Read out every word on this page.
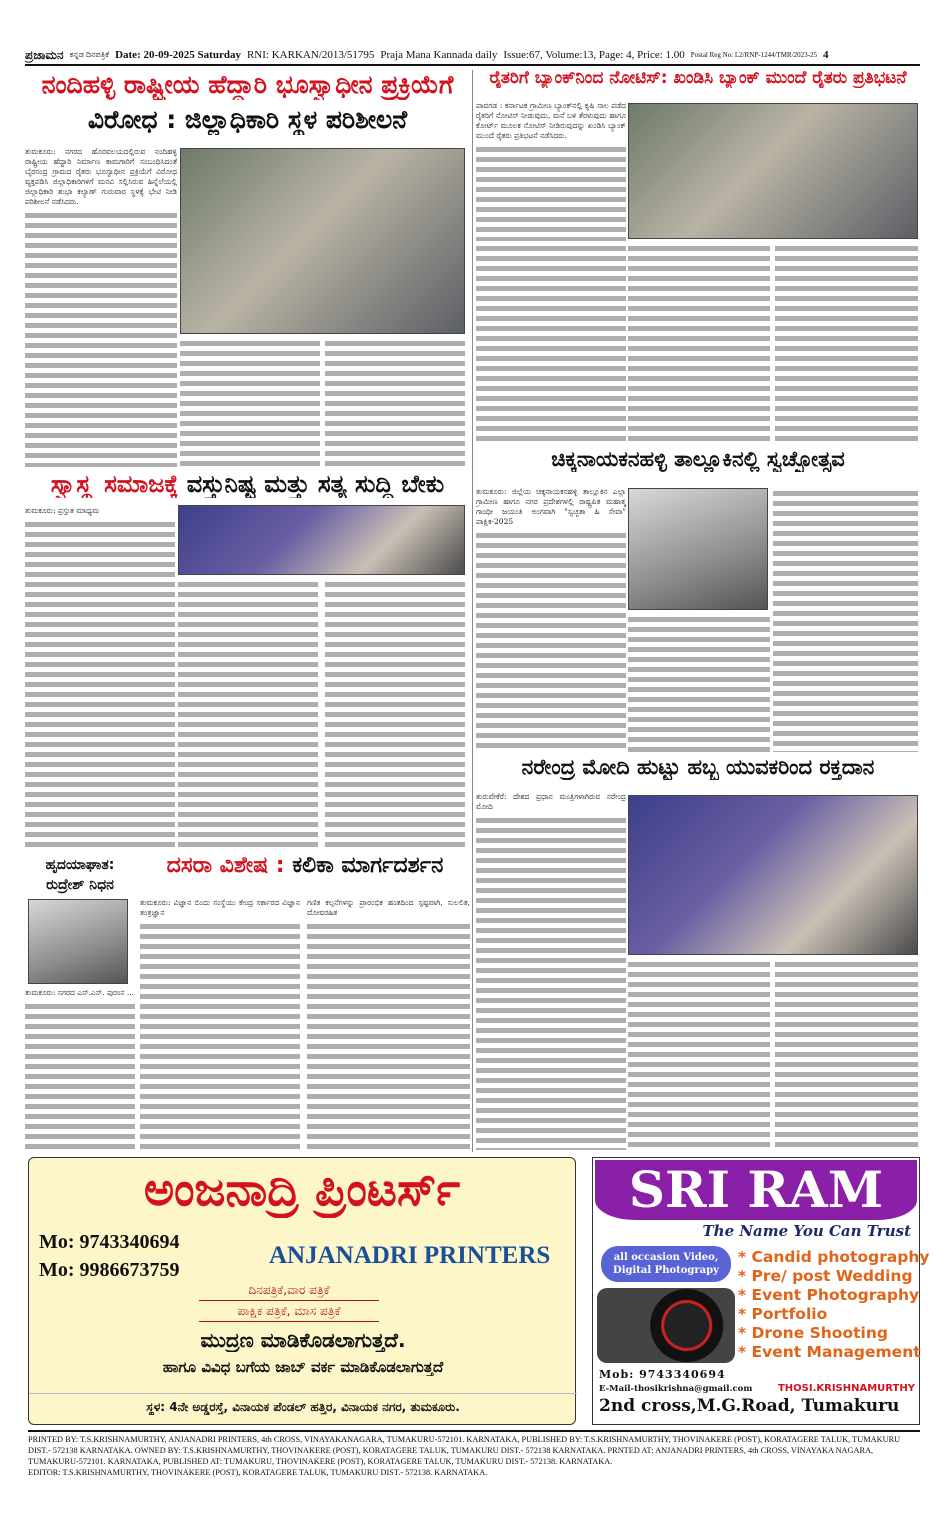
ಪ್ರಜಾಮನ ಕನ್ನಡ ದಿನಪತ್ರಿಕೆ Date: 20-09-2025 Saturday RNI: KARKAN/2013/51795 Praja Mana Kannada daily Issue:67, Volume:13, Page: 4, Price: 1.00 Postal Reg No: L2/RNP-1244/TMR/2023-25 4
ನಂದಿಹಳ್ಳಿ ರಾಷ್ಟ್ರೀಯ ಹೆದ್ದಾರಿ ಭೂಸ್ವಾಧೀನ ಪ್ರಕ್ರಿಯೆಗೆ
ವಿರೋಧ : ಜಿಲ್ಲಾಧಿಕಾರಿ ಸ್ಥಳ ಪರಿಶೀಲನೆ

ತುಮಕೂರು: ನಗರದ ಹೊರವಲಯದಲ್ಲಿರುವ ನಂದಿಹಳ್ಳಿ ರಾಷ್ಟ್ರೀಯ ಹೆದ್ದಾರಿ ನಿರ್ಮಾಣ ಕಾಮಗಾರಿಗೆ ಸಂಬಂಧಿಸಿದಂತೆ ಬೈರಸಂದ್ರ ಗ್ರಾಮದ ರೈತರು ಭೂಸ್ವಾಧೀನ ಪ್ರಕ್ರಿಯೆಗೆ ವಿರೋಧ ವ್ಯಕ್ತಪಡಿಸಿ ಜಿಲ್ಲಾಧಿಕಾರಿಗಳಿಗೆ ಮನವಿ ಸಲ್ಲಿಸಿರುವ ಹಿನ್ನೆಲೆಯಲ್ಲಿ ಜಿಲ್ಲಾಧಿಕಾರಿ ಶುಭಾ ಕಲ್ಯಾಣ್ ಗುರುವಾರ ಸ್ಥಳಕ್ಕೆ ಭೇಟಿ ನೀಡಿ ಪರಿಶೀಲನೆ ನಡೆಸಿದರು.

ಸ್ವಾಸ್ಥ್ಯ ಸಮಾಜಕ್ಕೆ ವಸ್ತುನಿಷ್ಟ ಮತ್ತು ಸತ್ಯ ಸುದ್ದಿ ಬೇಕು

ತುಮಕೂರು: ಪ್ರಸ್ತುತ ಮಾಧ್ಯಮ

ಹೃದಯಾಘಾತ: ರುದ್ರೇಶ್ ನಿಧನ

ತುಮಕೂರು: ನಗರದ ಎಸ್.ಎಸ್. ಪುರಂನ ...

ದಸರಾ ವಿಶೇಷ : ಕಲಿಕಾ ಮಾರ್ಗದರ್ಶನ

ತುಮಕೂರು: ವಿಜ್ಞಾನ ಬಿಂದು ಸಂಸ್ಥೆಯು ಕೇಂದ್ರ ಸರ್ಕಾರದ ವಿಜ್ಞಾನ ತಂತ್ರಜ್ಞಾನ

ಗಣಿತ ಕಲ್ಪನೆಗಳನ್ನು ಪ್ರಾರಂಭಿಕ ಹಂತದಿಂದ ಸ್ಪಷ್ಟವಾಗಿ, ಸುಲಲಿತ, ದೋಷರಹಿತ

ರೈತರಿಗೆ ಬ್ಯಾಂಕ್‌ನಿಂದ ನೋಟಿಸ್: ಖಂಡಿಸಿ ಬ್ಯಾಂಕ್ ಮುಂದೆ ರೈತರು ಪ್ರತಿಭಟನೆ

ಪಾವಗಡ : ಕರ್ನಾಟಕ ಗ್ರಾಮೀಣ ಬ್ಯಾಂಕ್‌ನಲ್ಲಿ ಕೃಷಿ ಸಾಲ ಪಡೆದ ರೈತರಿಗೆ ನೋಟಿಸ್ ನೀಡುವುದು, ಮನೆ ಬಳಿ ತೆರಳುವುದು ಹಾಗೂ ಕೋರ್ಟ್ ಮೂಲಕ ನೋಟಿಸ್ ನೀಡಿರುವುದನ್ನು ಖಂಡಿಸಿ ಬ್ಯಾಂಕ್ ಮುಂದೆ ರೈತರು ಪ್ರತಿಭಟನೆ ನಡೆಸಿದರು.

ಚಿಕ್ಕನಾಯಕನಹಳ್ಳಿ ತಾಲ್ಲೂಕಿನಲ್ಲಿ ಸ್ವಚ್ಛೋತ್ಸವ

ತುಮಕೂರು: ಜಿಲ್ಲೆಯ ಚಿಕ್ಕನಾಯಕನಹಳ್ಳಿ ತಾಲ್ಲೂಕಿನ ಎಲ್ಲಾ ಗ್ರಾಮೀಣ ಹಾಗೂ ನಗರ ಪ್ರದೇಶಗಳಲ್ಲಿ ರಾಷ್ಟ್ರಪಿತ ಮಹಾತ್ಮ ಗಾಂಧೀ ಜಯಂತಿ ಅಂಗವಾಗಿ "ಸ್ವಚ್ಛತಾ ಹಿ ಸೇವಾ" ಪಾಕ್ಷಿಕ-2025

ನರೇಂದ್ರ ಮೋದಿ ಹುಟ್ಟು ಹಬ್ಬ ಯುವಕರಿಂದ ರಕ್ತದಾನ

ತುರುವೇಕೆರೆ: ದೇಶದ ಪ್ರಧಾನ ಮಂತ್ರಿಗಳಾಗಿರುವ ನರೇಂದ್ರ ಮೋದಿ

ಅಂಜನಾದ್ರಿ ಪ್ರಿಂಟರ್ಸ್
Mo: 9743340694
Mo: 9986673759
ANJANADRI PRINTERS
ದಿನಪತ್ರಿಕೆ,ವಾರ ಪತ್ರಿಕೆ
ಪಾಕ್ಷಿಕ ಪತ್ರಿಕೆ, ಮಾಸ ಪತ್ರಿಕೆ
ಮುದ್ರಣ ಮಾಡಿಕೊಡಲಾಗುತ್ತದೆ.
ಹಾಗೂ ವಿವಿಧ ಬಗೆಯ ಜಾಬ್ ವರ್ಕ ಮಾಡಿಕೊಡಲಾಗುತ್ತದೆ
ಸ್ಥಳ: 4ನೇ ಅಡ್ಡರಸ್ತೆ, ವಿನಾಯಕ ಪೆಂಡಲ್ ಹತ್ತಿರ, ವಿನಾಯಕ ನಗರ, ತುಮಕೂರು.
SRI RAM
The Name You Can Trust
all occasion Video, Digital Photograpy
* Candid photography
* Pre/ post Wedding
* Event Photography
* Portfolio
* Drone Shooting
* Event Management
Mob: 9743340694
E-Mail-thosikrishna@gmail.com	THOSI.KRISHNAMURTHY
2nd cross,M.G.Road, Tumakuru
PRINTED BY: T.S.KRISHNAMURTHY, ANJANADRI PRINTERS, 4th CROSS, VINAYAKANAGARA, TUMAKURU-572101. KARNATAKA, PUBLISHED BY: T.S.KRISHNAMURTHY, THOVINAKERE (POST), KORATAGERE TALUK, TUMAKURU DIST.- 572138 KARNATAKA. OWNED BY: T.S.KRISHNAMURTHY, THOVINAKERE (POST), KORATAGERE TALUK, TUMAKURU DIST.- 572138 KARNATAKA. PRNTED AT: ANJANADRI PRINTERS, 4th CROSS, VINAYAKA NAGARA, TUMAKURU-572101. KARNATAKA, PUBLISHED AT: TUMAKURU, THOVINAKERE (POST), KORATAGERE TALUK, TUMAKURU DIST.- 572138. KARNATAKA.
EDITOR: T.S.KRISHNAMURTHY, THOVINAKERE (POST), KORATAGERE TALUK, TUMAKURU DIST.- 572138. KARNATAKA.
